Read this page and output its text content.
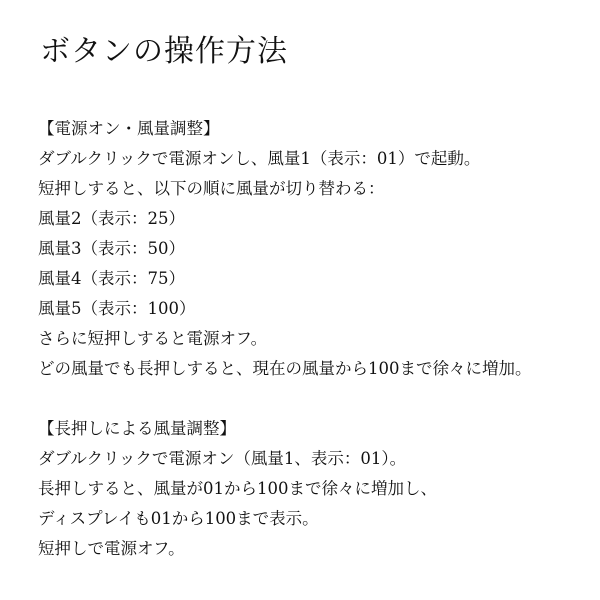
ボタンの操作方法
【電源オン・風量調整】
ダブルクリックで電源オンし、風量1（表示：01）で起動。
短押しすると、以下の順に風量が切り替わる：
風量2（表示：25）
風量3（表示：50）
風量4（表示：75）
風量5（表示：100）
さらに短押しすると電源オフ。
どの風量でも長押しすると、現在の風量から100まで徐々に増加。
【長押しによる風量調整】
ダブルクリックで電源オン（風量1、表示：01）。
長押しすると、風量が01から100まで徐々に増加し、
ディスプレイも01から100まで表示。
短押しで電源オフ。
